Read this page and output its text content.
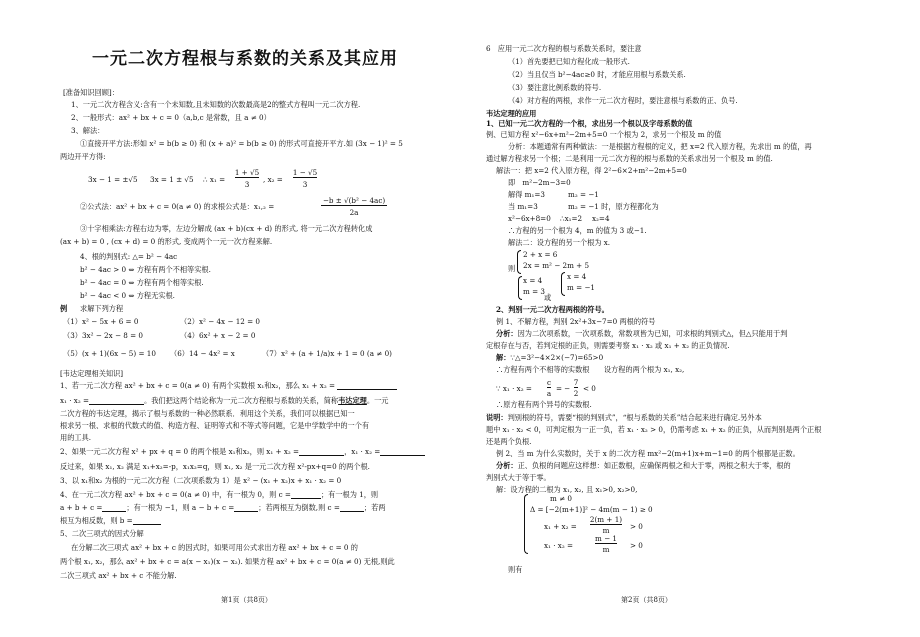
一元二次方程根与系数的关系及其应用
[准备知识回顾]：
1、一元二次方程含义:含有一个未知数,且未知数的次数最高是2的整式方程叫一元二次方程.
2、一般形式：ax² + bx + c = 0（a,b,c 是常数，且 a ≠ 0）
3、解法：
①直接开平方法:形如 x² = b(b ≥ 0) 和 (x + a)² = b(b ≥ 0) 的形式可直接开平方.如 (3x − 1)² = 5
两边开平方得:
3x − 1 = ±√5 3x = 1 ± √5 ∴ x₁ =
1 + √5
3
, x₂ =
1 − √5
3
②公式法：ax² + bx + c = 0(a ≠ 0) 的求根公式是：x₁,₂ =
−b ± √(b² − 4ac)
2a
③十字相乘法:方程右边为零，左边分解成 (ax + b)(cx + d) 的形式, 将一元二次方程转化成
(ax + b) = 0 , (cx + d) = 0 的形式, 变成两个一元一次方程来解.
4、根的判别式: △= b² − 4ac
b² − 4ac > 0 ⇔ 方程有两个不相等实根.
b² − 4ac = 0 ⇔ 方程有两个相等实根.
b² − 4ac < 0 ⇔ 方程无实根.
例 求解下列方程
（1）x² − 5x + 6 = 0	（2）x² − 4x − 12 = 0
（3）3x² − 2x − 8 = 0	（4）6x² + x − 2 = 0
（5）(x + 1)(6x − 5) = 10 （6）14 − 4x² = x	（7）x² + (a + 1/a)x + 1 = 0 (a ≠ 0)
[韦达定理相关知识]
1、若一元二次方程 ax² + bx + c = 0(a ≠ 0) 有两个实数根 x₁和x₂，那么 x₁ + x₂ =
x₁ · x₂ =	。我们把这两个结论称为一元二次方程根与系数的关系，简称韦达定理。一元
二次方程的韦达定理，揭示了根与系数的一种必然联系．利用这个关系，我们可以根据已知一
根求另一根、求根的代数式的值、构造方程、证明等式和不等式等问题，它是中学数学中的一个有
用的工具.
2、如果一元二次方程 x² + px + q = 0 的两个根是 x₁和x₂，则 x₁ + x₂ =	，x₁ · x₂ =
反过来，如果 x₁, x₂ 满足 x₁+x₂=-p，x₁x₂=q，则 x₁, x₂ 是一元二次方程 x²-px+q=0 的两个根.
3、以 x₁和x₂ 为根的一元二次方程（二次项系数为 1）是 x² − (x₁ + x₂)x + x₁ · x₂ = 0
4、在一元二次方程 ax² + bx + c = 0(a ≠ 0) 中，有一根为 0，则 c =	；有一根为 1，则
a + b + c =	；有一根为 −1，则 a − b + c =	；若两根互为倒数,则 c =	；若两
根互为相反数，则 b =
5、二次三项式的因式分解
在分解二次三项式 ax² + bx + c 的因式时，如果可用公式求出方程 ax² + bx + c = 0 的
两个根 x₁, x₂，那么 ax² + bx + c = a(x − x₁)(x − x₂). 如果方程 ax² + bx + c = 0(a ≠ 0) 无根,则此
二次三项式 ax² + bx + c 不能分解.
第1页（共8页）
6　应用一元二次方程的根与系数关系时，要注意
（1）首先要把已知方程化成一般形式.
（2）当且仅当 b²−4ac≥0 时，才能应用根与系数关系.
（3）要注意比例系数的符号.
（4）对方程的两根，求作一元二次方程时，要注意根与系数的正、负号.
韦达定理的应用
1、已知一元二次方程的一个根，求出另一个根以及字母系数的值
例、已知方程 x²−6x+m²−2m+5=0 一个根为 2，求另一个根及 m 的值
分析：本题通常有两种做法：一是根据方程根的定义，把 x=2 代入原方程，先求出 m 的值，再
通过解方程求另一个根；二是利用一元二次方程的根与系数的关系求出另一个根及 m 的值.
解法一：把 x=2 代入原方程，得 2²−6×2+m²−2m+5=0
即　m²−2m−3=0
解得 m₁=3	m₂ = −1
当 m₁=3	m₂ = −1 时，原方程都化为
x²−6x+8=0 ∴x₁=2 x₂=4
∴方程的另一个根为 4，m 的值为 3 或−1.
解法二：设方程的另一个根为 x.
2 + x = 6
2x = m² − 2m + 5
则
x = 4
m = 3
或
x = 4
m = −1
2、判别一元二次方程两根的符号。
例 1、不解方程，判别 2x²+3x−7=0 两根的符号
分析：因为二次项系数，一次项系数，常数项皆为已知，可求根的判别式△，但△只能用于判
定根存在与否，若判定根的正负，则需要考察 x₁ · x₂ 或 x₁ + x₂ 的正负情况.
解：∵△=3²−4×2×(−7)=65>0
∴方程有两个不相等的实数根　　设方程的两个根为 x₁, x₂,
∵ x₁ · x₂ =
c
a
= −
7
2
< 0
∴原方程有两个异号的实数根.
说明：判别根的符号，需要“根的判别式”，“根与系数的关系”结合起来进行确定.另外本
题中 x₁ · x₂ < 0，可判定根为一正一负，若 x₁ · x₂ > 0，仍需考虑 x₁ + x₂ 的正负，从而判别是两个正根
还是两个负根.
例 2、当 m 为什么实数时，关于 x 的二次方程 mx²−2(m+1)x+m−1=0 的两个根都是正数。
分析：正、负根的问题应这样想：如正数根，应确保两根之和大于零，两根之积大于零，根的
判别式大于等于零。
解：设方程的二根为 x₁, x₂, 且 x₁>0, x₂>0,
m ≠ 0
Δ = [−2(m+1)]² − 4m(m − 1) ≥ 0
x₁ + x₂ =
2(m + 1)
m	> 0
x₁ · x₂ =
m − 1
m	> 0
则有
第2页（共8页）
